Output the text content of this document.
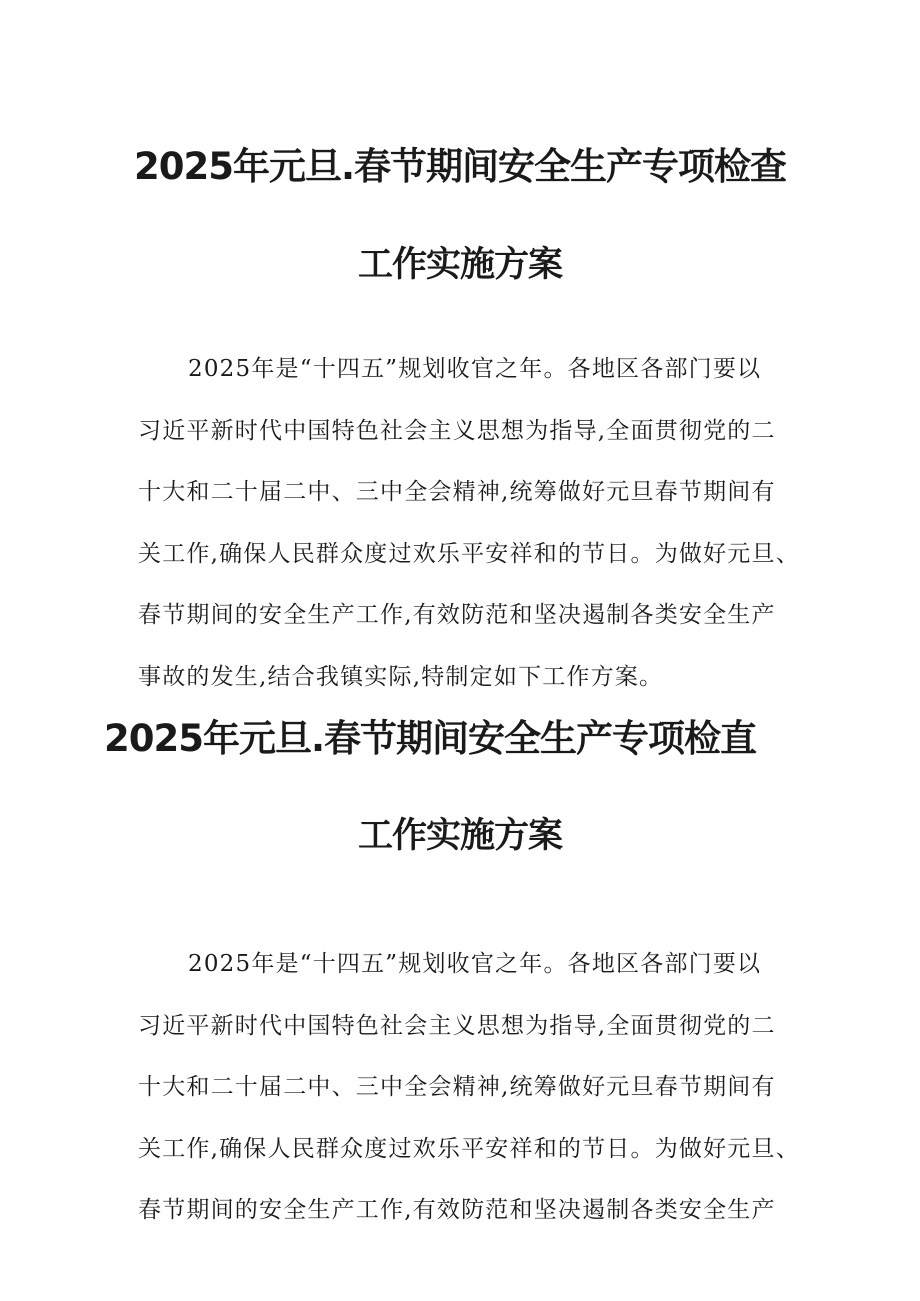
2025年元旦.春节期间安全生产专项检查
工作实施方案
2025年是“十四五”规划收官之年。各地区各部门要以
习近平新时代中国特色社会主义思想为指导,全面贯彻党的二
十大和二十届二中、三中全会精神,统筹做好元旦春节期间有
关工作,确保人民群众度过欢乐平安祥和的节日。为做好元旦、
春节期间的安全生产工作,有效防范和坚决遏制各类安全生产
事故的发生,结合我镇实际,特制定如下工作方案。
2025年元旦.春节期间安全生产专项检直
工作实施方案
2025年是“十四五”规划收官之年。各地区各部门要以
习近平新时代中国特色社会主义思想为指导,全面贯彻党的二
十大和二十届二中、三中全会精神,统筹做好元旦春节期间有
关工作,确保人民群众度过欢乐平安祥和的节日。为做好元旦、
春节期间的安全生产工作,有效防范和坚决遏制各类安全生产
